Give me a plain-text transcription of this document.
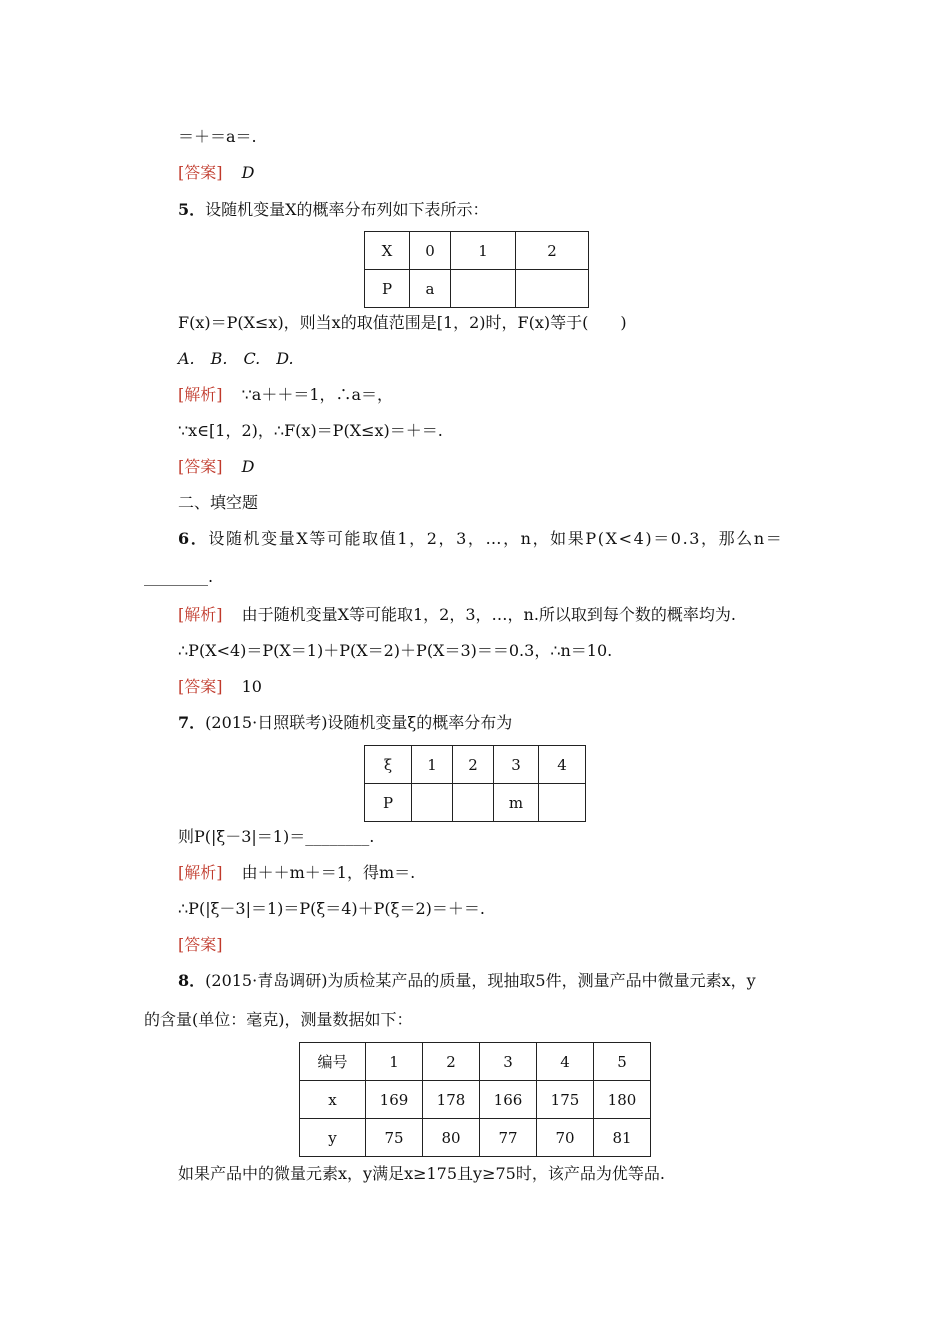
＝＋＝a＝.
[答案] D
5．设随机变量X的概率分布列如下表所示：
X	0	1	2
P	a		
F(x)＝P(X≤x)，则当x的取值范围是[1，2)时，F(x)等于(　　)
A.　B.　C.　D.
[解析] ∵a＋＋＝1，∴a＝，
∵x∈[1，2)，∴F(x)＝P(X≤x)＝＋＝.
[答案] D
二、填空题
6．设随机变量X等可能取值1，2，3，…，n，如果P(X<4)＝0.3，那么n＝
________.
[解析] 由于随机变量X等可能取1，2，3，…，n.所以取到每个数的概率均为.
∴P(X<4)＝P(X＝1)＋P(X＝2)＋P(X＝3)＝＝0.3，∴n＝10.
[答案] 10
7．(2015·日照联考)设随机变量ξ的概率分布为
ξ	1	2	3	4
P			m	
则P(|ξ－3|＝1)＝________.
[解析] 由＋＋m＋＝1，得m＝.
∴P(|ξ－3|＝1)＝P(ξ＝4)＋P(ξ＝2)＝＋＝.
[答案]
8．(2015·青岛调研)为质检某产品的质量，现抽取5件，测量产品中微量元素x，y
的含量(单位：毫克)，测量数据如下：
编号	1	2	3	4	5
x	169	178	166	175	180
y	75	80	77	70	81
如果产品中的微量元素x，y满足x≥175且y≥75时，该产品为优等品.
